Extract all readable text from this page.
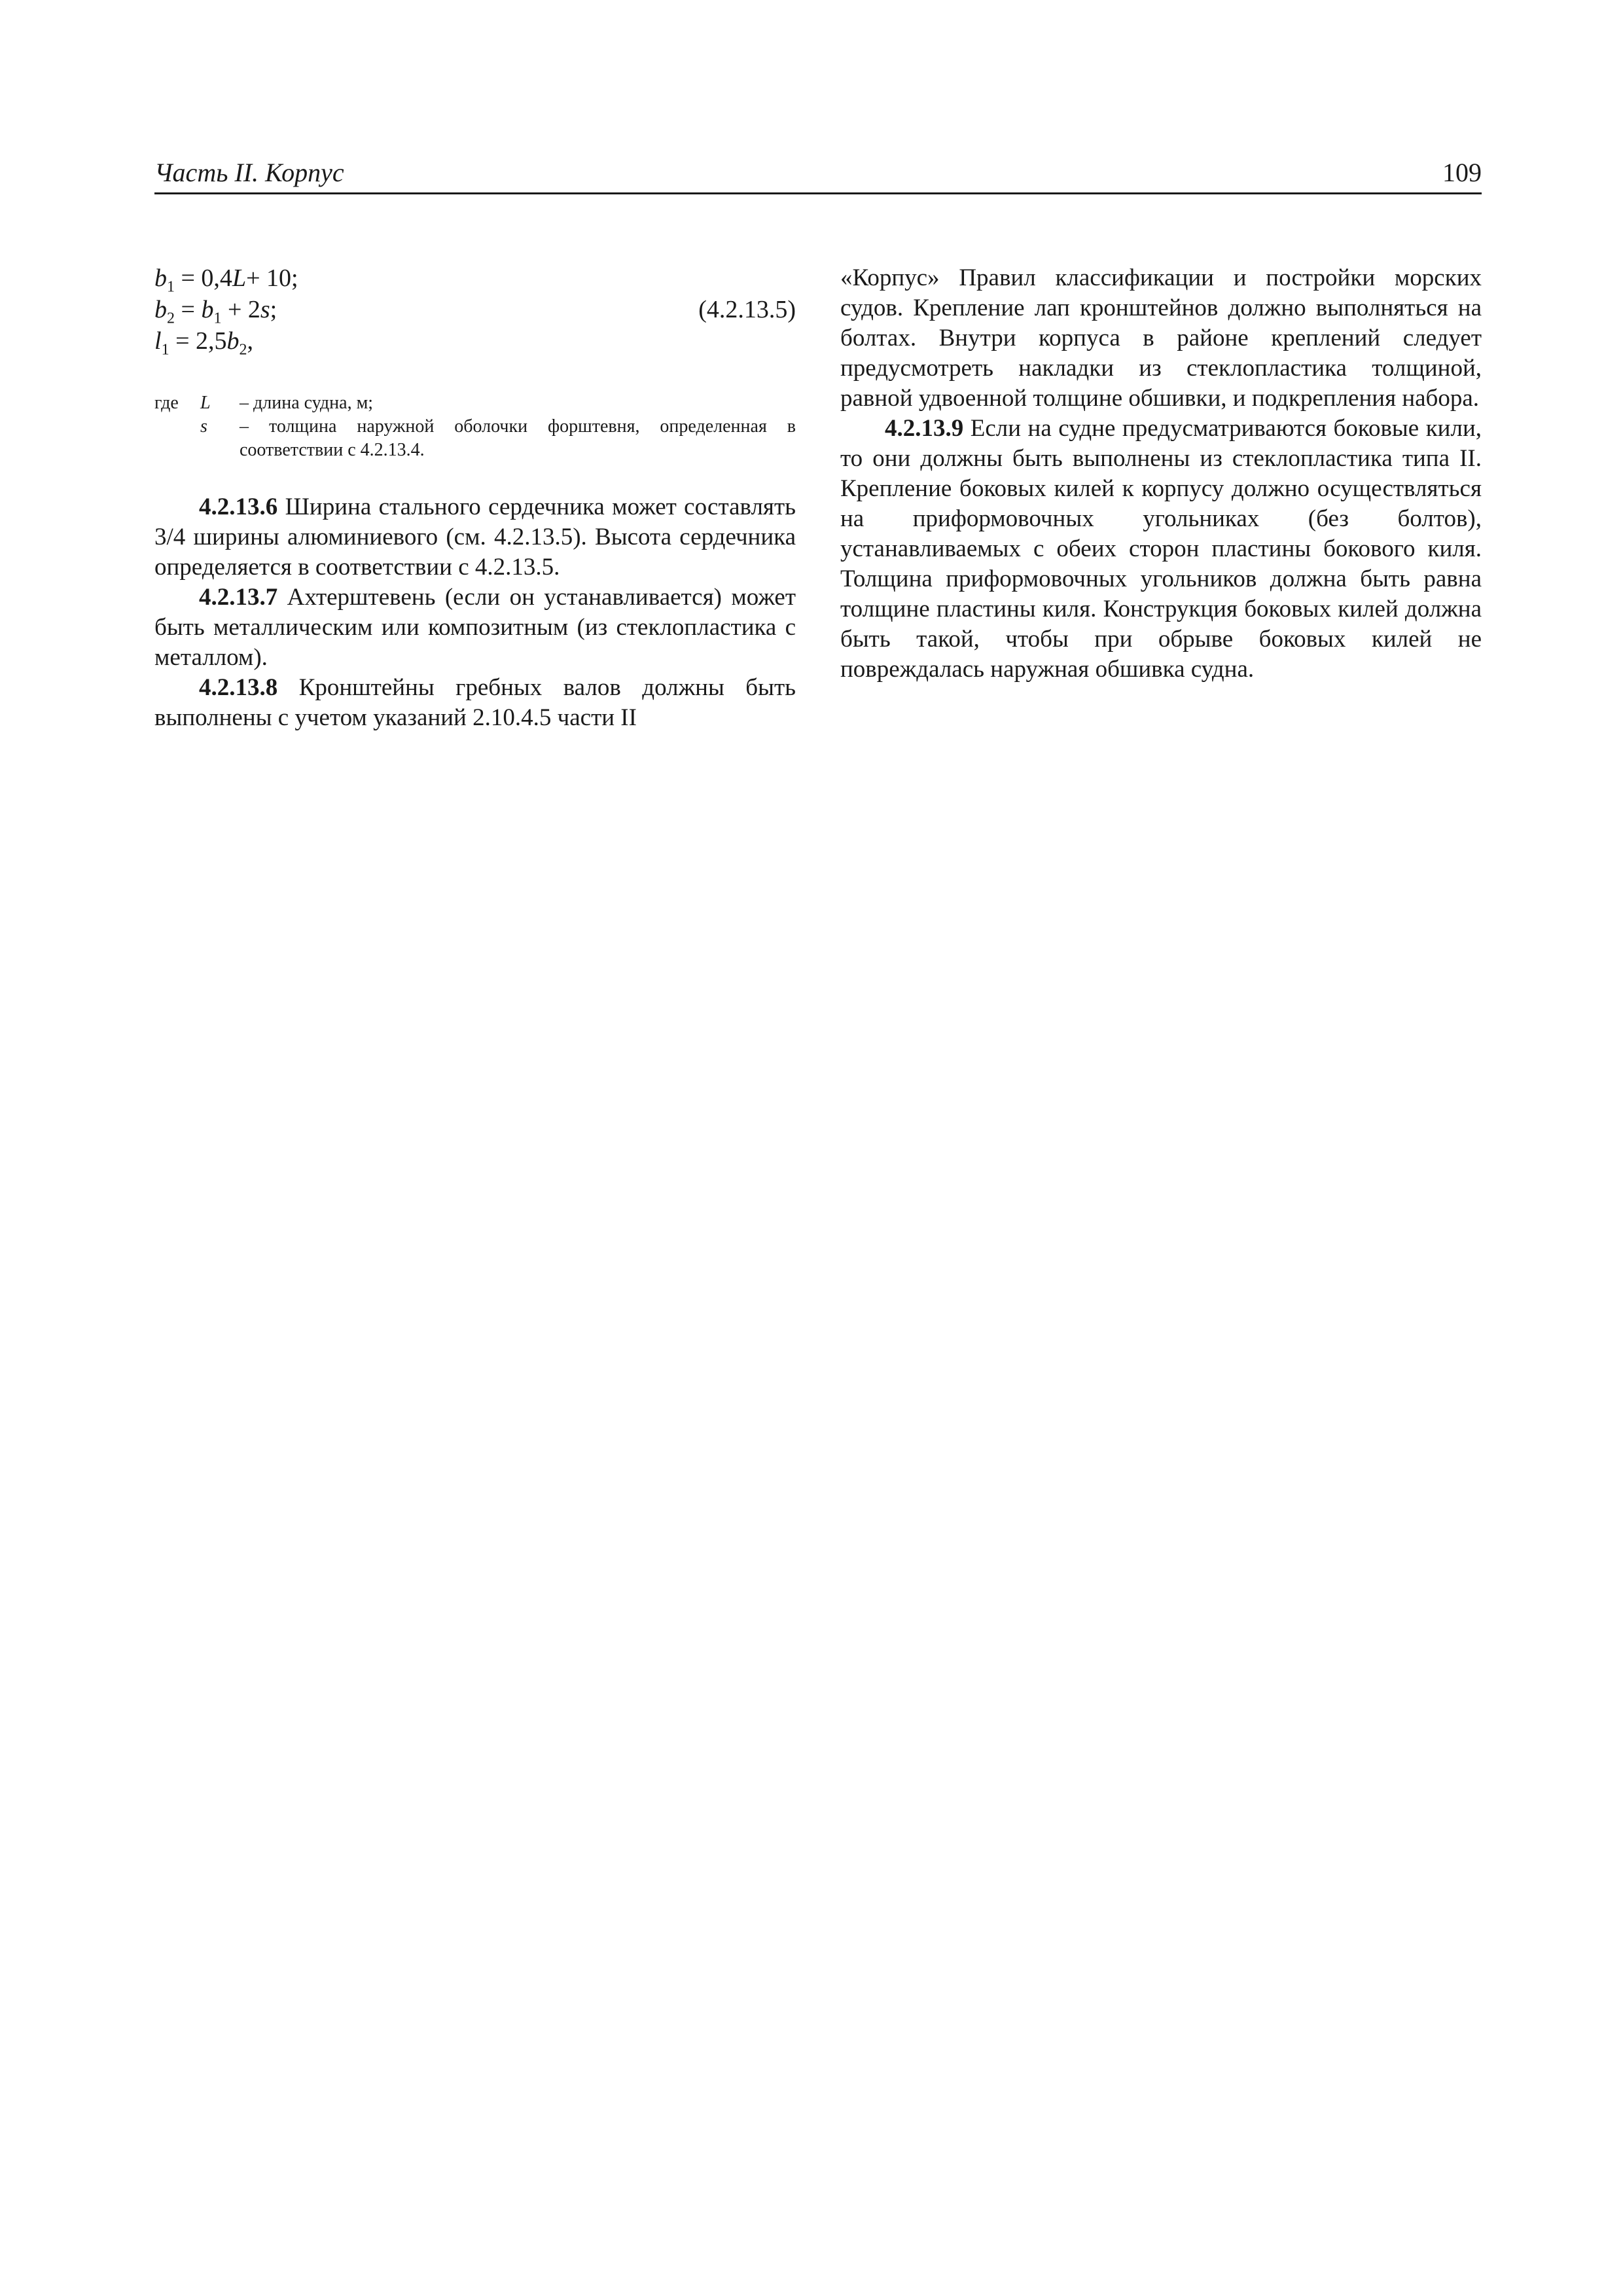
Часть II. Корпус	109
$b_1 = 0,4L+ 10$;
$b_2 = b_1 + 2s$;
$l_1 = 2,5b_2$,
(4.2.13.5)
где L – длина судна, м;
s – толщина наружной оболочки форштевня, определенная в соответствии с 4.2.13.4.

4.2.13.6 Ширина стального сердечника может составлять 3/4 ширины алюминиевого (см. 4.2.13.5). Высота сердечника определяется в соответствии с 4.2.13.5.

4.2.13.7 Ахтерштевень (если он устанавливается) может быть металлическим или композитным (из стеклопластика с металлом).

4.2.13.8 Кронштейны гребных валов должны быть выполнены с учетом указаний 2.10.4.5 части II

«Корпус» Правил классификации и постройки морских судов. Крепление лап кронштейнов должно выполняться на болтах. Внутри корпуса в районе креплений следует предусмотреть накладки из стеклопластика толщиной, равной удвоенной толщине обшивки, и подкрепления набора.

4.2.13.9 Если на судне предусматриваются боковые кили, то они должны быть выполнены из стеклопластика типа II. Крепление боковых килей к корпусу должно осуществляться на приформовочных угольниках (без болтов), устанавливаемых с обеих сторон пластины бокового киля. Толщина приформовочных угольников должна быть равна толщине пластины киля. Конструкция боковых килей должна быть такой, чтобы при обрыве боковых килей не повреждалась наружная обшивка судна.
